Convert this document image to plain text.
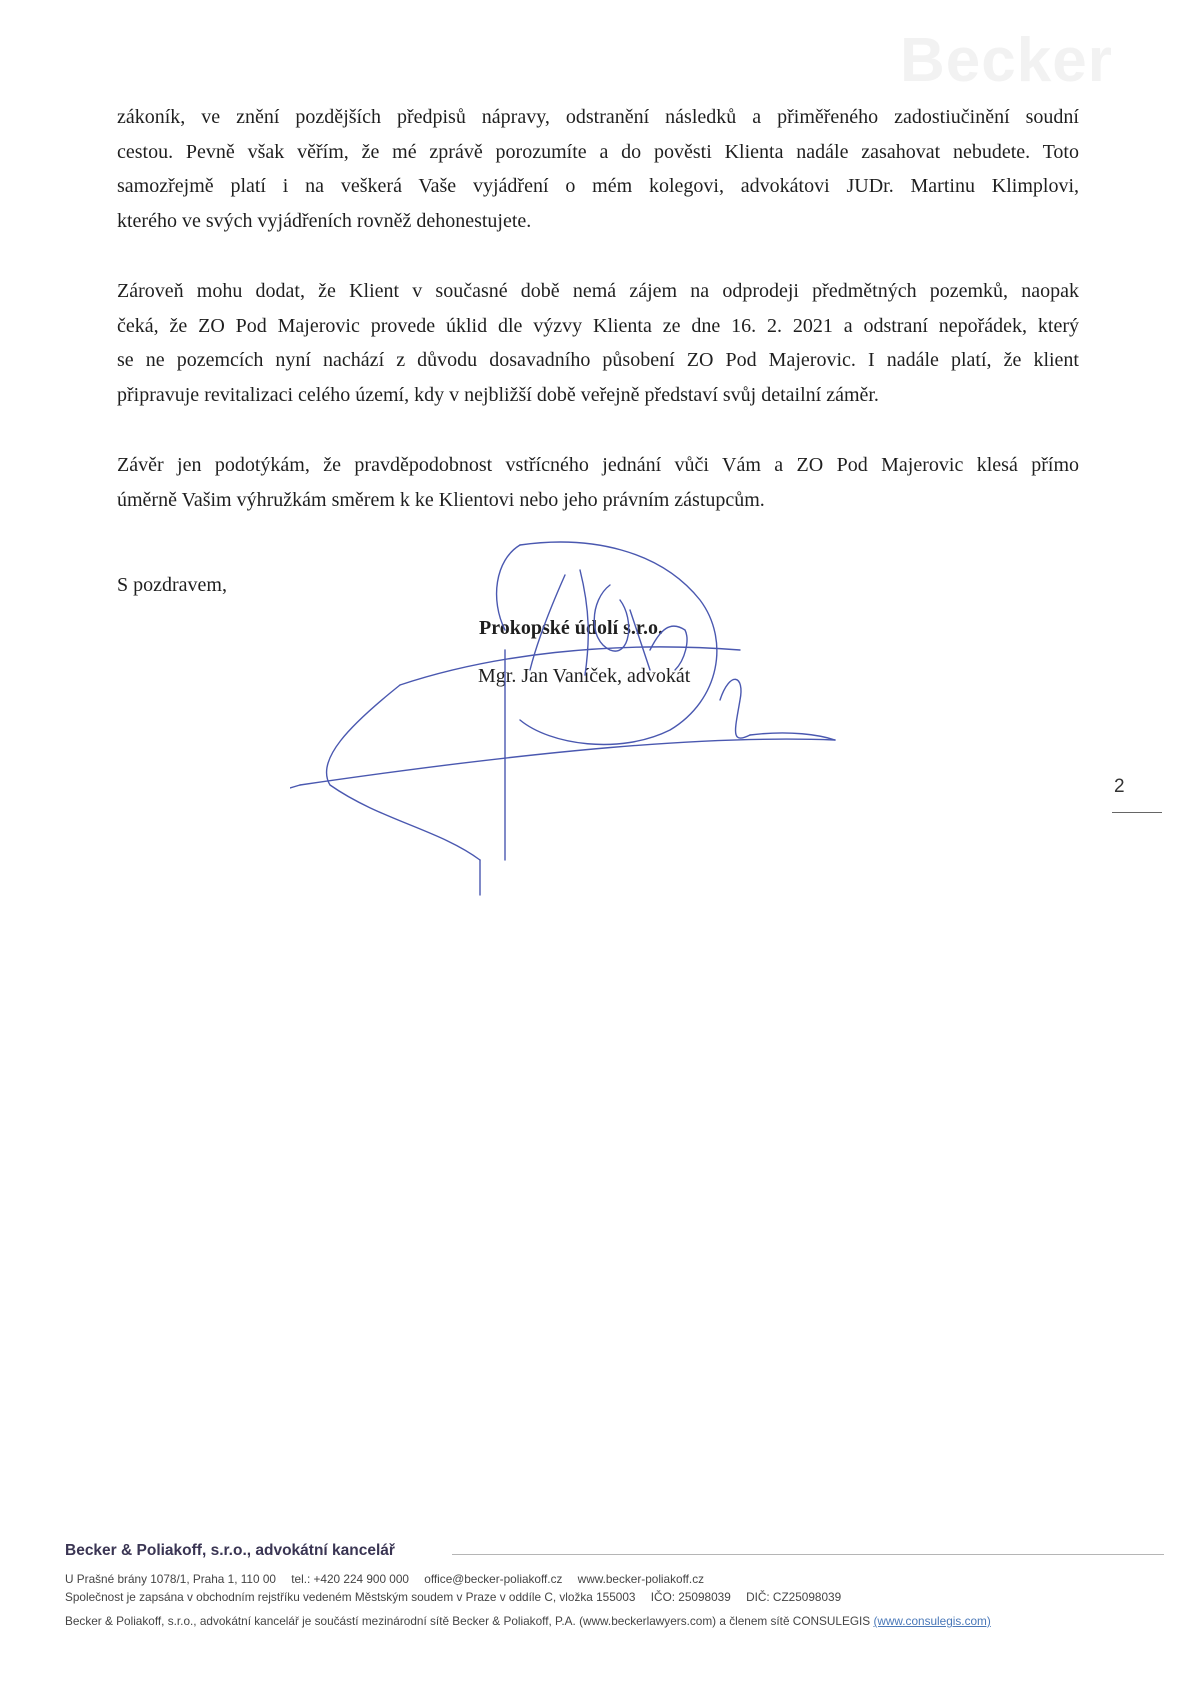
Becker
zákoník, ve znění pozdějších předpisů nápravy, odstranění následků a přiměřeného zadostiučinění soudní
cestou. Pevně však věřím, že mé zprávě porozumíte a do pověsti Klienta nadále zasahovat nebudete. Toto
samozřejmě platí i na veškerá Vaše vyjádření o mém kolegovi, advokátovi JUDr. Martinu Klimplovi,
kterého ve svých vyjádřeních rovněž dehonestujete.
Zároveň mohu dodat, že Klient v současné době nemá zájem na odprodeji předmětných pozemků, naopak
čeká, že ZO Pod Majerovic provede úklid dle výzvy Klienta ze dne 16. 2. 2021 a odstraní nepořádek, který
se ne pozemcích nyní nachází z důvodu dosavadního působení ZO Pod Majerovic. I nadále platí, že klient
připravuje revitalizaci celého území, kdy v nejbližší době veřejně představí svůj detailní záměr.
Závěr jen podotýkám, že pravděpodobnost vstřícného jednání vůči Vám a ZO Pod Majerovic klesá přímo
úměrně Vašim výhružkám směrem k ke Klientovi nebo jeho právním zástupcům.
S pozdravem,
Prokopské údolí s.r.o.
Mgr. Jan Vaníček, advokát
2
Becker & Poliakoff, s.r.o., advokátní kancelář
U Prašné brány 1078/1, Praha 1, 110 00 tel.: +420 224 900 000 office@becker-poliakoff.cz www.becker-poliakoff.cz
Společnost je zapsána v obchodním rejstříku vedeném Městským soudem v Praze v oddíle C, vložka 155003 IČO: 25098039 DIČ: CZ25098039
Becker & Poliakoff, s.r.o., advokátní kancelář je součástí mezinárodní sítě Becker & Poliakoff, P.A. (www.beckerlawyers.com) a členem sítě CONSULEGIS (www.consulegis.com)
